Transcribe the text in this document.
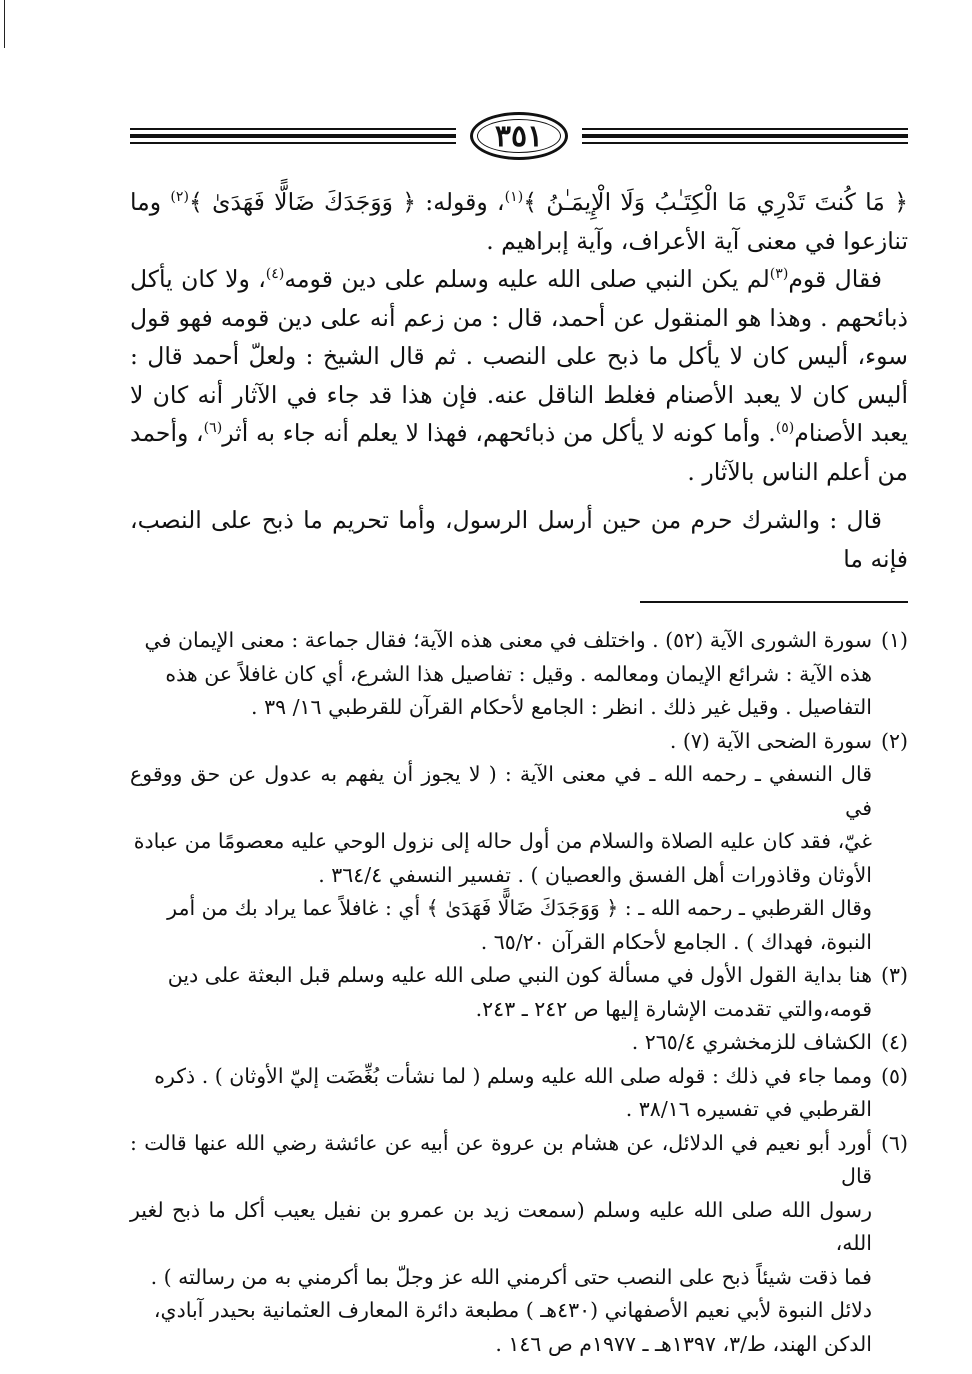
٣٥١

﴿ مَا كُنتَ تَدْرِي مَا الْكِتَـٰبُ وَلَا الْإِيمَـٰنُ ﴾$^{(١)}$، وقوله: ﴿ وَوَجَدَكَ ضَالًّا فَهَدَىٰ ﴾$^{(٢)}$ وما تنازعوا في معنى آية الأعراف، وآية إبراهيم .

فقال قوم$^{(٣)}$لم يكن النبي صلى الله عليه وسلم على دين قومه$^{(٤)}$، ولا كان يأكل ذبائحهم . وهذا هو المنقول عن أحمد، قال : من زعم أنه على دين قومه فهو قول سوء، أليس كان لا يأكل ما ذبح على النصب . ثم قال الشيخ : ولعلّ أحمد قال : أليس كان لا يعبد الأصنام فغلط الناقل عنه. فإن هذا قد جاء في الآثار أنه كان لا يعبد الأصنام$^{(٥)}$. وأما كونه لا يأكل من ذبائحهم، فهذا لا يعلم أنه جاء به أثر$^{(٦)}$، وأحمد من أعلم الناس بالآثار .

قال : والشرك حرم من حين أرسل الرسول، وأما تحريم ما ذبح على النصب، فإنه ما

(١)
سورة الشورى الآية (٥٢) . واختلف في معنى هذه الآية؛ فقال جماعة : معنى الإيمان في
هذه الآية : شرائع الإيمان ومعالمه . وقيل : تفاصيل هذا الشرع، أي كان غافلاً عن هذه
التفاصيل . وقيل غير ذلك . انظر : الجامع لأحكام القرآن للقرطبي ١٦/ ٣٩ .
(٢)
سورة الضحى الآية (٧) .
قال النسفي ـ رحمه الله ـ في معنى الآية : ( لا يجوز أن يفهم به عدول عن حق ووقوع في
غيّ، فقد كان عليه الصلاة والسلام من أول حاله إلى نزول الوحي عليه معصومًا من عبادة
الأوثان وقاذورات أهل الفسق والعصيان ) . تفسير النسفي ٣٦٤/٤ .
وقال القرطبي ـ رحمه الله ـ : ﴿ وَوَجَدَكَ ضَالًّا فَهَدَىٰ ﴾ أي : غافلاً عما يراد بك من أمر
النبوة، فهداك ) . الجامع لأحكام القرآن ٦٥/٢٠ .
(٣)
هنا بداية القول الأول في مسألة كون النبي صلى الله عليه وسلم قبل البعثة على دين
قومه،والتي تقدمت الإشارة إليها ص ٢٤٢ ـ ٢٤٣.
(٤)
الكشاف للزمخشري ٢٦٥/٤ .
(٥)
ومما جاء في ذلك : قوله صلى الله عليه وسلم ( لما نشأت بُغِّضَت إليّ الأوثان ) . ذكره
القرطبي في تفسيره ٣٨/١٦ .
(٦)
أورد أبو نعيم في الدلائل، عن هشام بن عروة عن أبيه عن عائشة رضي الله عنها قالت : قال
رسول الله صلى الله عليه وسلم (سمعت زيد بن عمرو بن نفيل يعيب أكل ما ذبح لغير الله،
فما ذقت شيئاً ذبح على النصب حتى أكرمني الله عز وجلّ بما أكرمني به من رسالته ) .
دلائل النبوة لأبي نعيم الأصفهاني (٤٣٠هـ ) مطبعة دائرة المعارف العثمانية بحيدر آبادي،
الدكن الهند، ط/٣، ١٣٩٧هـ ـ ١٩٧٧م ص ١٤٦ .
